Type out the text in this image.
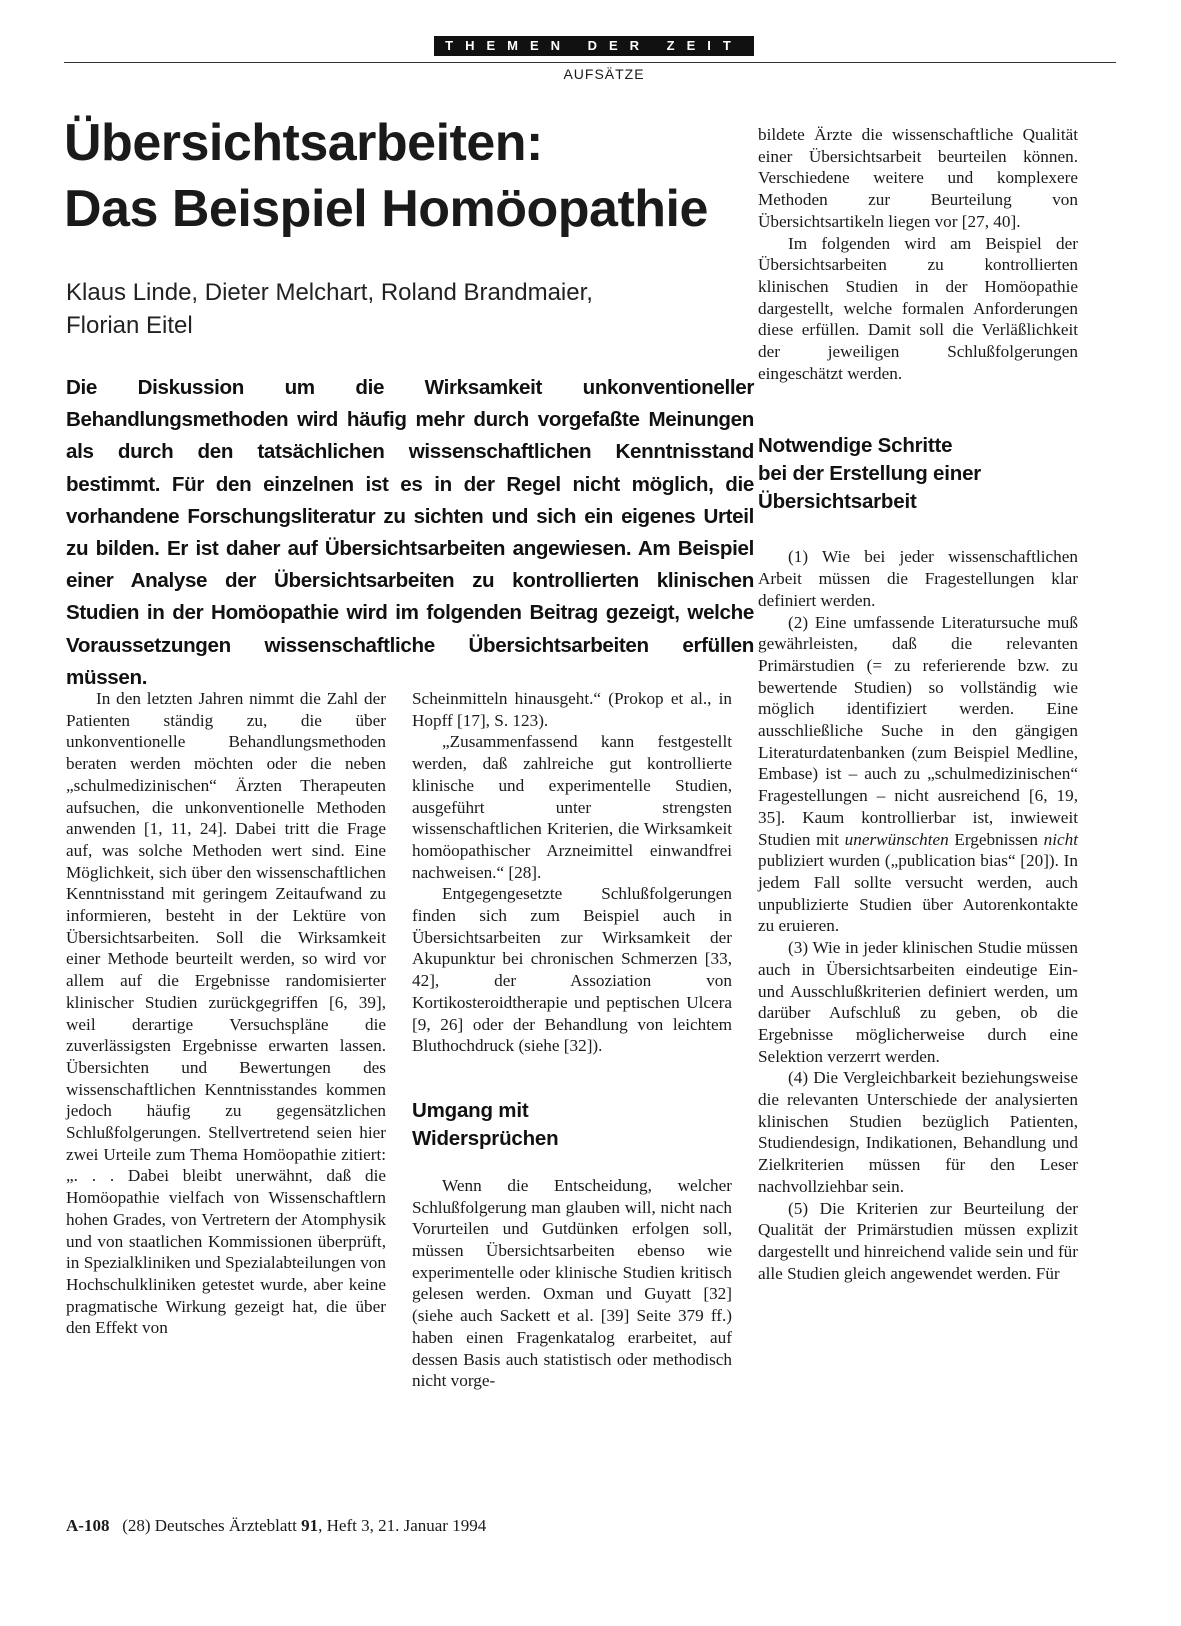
THEMEN DER ZEIT
AUFSÄTZE
Übersichtsarbeiten:
Das Beispiel Homöopathie
Klaus Linde, Dieter Melchart, Roland Brandmaier,
Florian Eitel

Die Diskussion um die Wirksamkeit unkonventioneller Behandlungsmethoden wird häufig mehr durch vorgefaßte Meinungen als durch den tatsächlichen wissenschaftlichen Kenntnisstand bestimmt. Für den einzelnen ist es in der Regel nicht möglich, die vorhandene Forschungsliteratur zu sichten und sich ein eigenes Urteil zu bilden. Er ist daher auf Übersichtsarbeiten angewiesen. Am Beispiel einer Analyse der Übersichtsarbeiten zu kontrollierten klinischen Studien in der Homöopathie wird im folgenden Beitrag gezeigt, welche Voraussetzungen wissenschaftliche Übersichtsarbeiten erfüllen müssen.

In den letzten Jahren nimmt die Zahl der Patienten ständig zu, die über unkonventionelle Behandlungsmethoden beraten werden möchten oder die neben „schulmedizinischen“ Ärzten Therapeuten aufsuchen, die unkonventionelle Methoden anwenden [1, 11, 24]. Dabei tritt die Frage auf, was solche Methoden wert sind. Eine Möglichkeit, sich über den wissenschaftlichen Kenntnisstand mit geringem Zeitaufwand zu informieren, besteht in der Lektüre von Übersichtsarbeiten. Soll die Wirksamkeit einer Methode beurteilt werden, so wird vor allem auf die Ergebnisse randomisierter klinischer Studien zurückgegriffen [6, 39], weil derartige Versuchspläne die zuverlässigsten Ergebnisse erwarten lassen. Übersichten und Bewertungen des wissenschaftlichen Kenntnisstandes kommen jedoch häufig zu gegensätzlichen Schlußfolgerungen. Stellvertretend seien hier zwei Urteile zum Thema Homöopathie zitiert: „. . . Dabei bleibt unerwähnt, daß die Homöopathie vielfach von Wissenschaftlern hohen Grades, von Vertretern der Atomphysik und von staatlichen Kommissionen überprüft, in Spezialkliniken und Spezialabteilungen von Hochschulkliniken getestet wurde, aber keine pragmatische Wirkung gezeigt hat, die über den Effekt von

Scheinmitteln hinausgeht.“ (Prokop et al., in Hopff [17], S. 123).

„Zusammenfassend kann festgestellt werden, daß zahlreiche gut kontrollierte klinische und experimentelle Studien, ausgeführt unter strengsten wissenschaftlichen Kriterien, die Wirksamkeit homöopathischer Arzneimittel einwandfrei nachweisen.“ [28].

Entgegengesetzte Schlußfolgerungen finden sich zum Beispiel auch in Übersichtsarbeiten zur Wirksamkeit der Akupunktur bei chronischen Schmerzen [33, 42], der Assoziation von Kortikosteroidtherapie und peptischen Ulcera [9, 26] oder der Behandlung von leichtem Bluthochdruck (siehe [32]).

Umgang mit
Widersprüchen

Wenn die Entscheidung, welcher Schlußfolgerung man glauben will, nicht nach Vorurteilen und Gutdünken erfolgen soll, müssen Übersichtsarbeiten ebenso wie experimentelle oder klinische Studien kritisch gelesen werden. Oxman und Guyatt [32] (siehe auch Sackett et al. [39] Seite 379 ff.) haben einen Fragenkatalog erarbeitet, auf dessen Basis auch statistisch oder methodisch nicht vorge-

bildete Ärzte die wissenschaftliche Qualität einer Übersichtsarbeit beurteilen können. Verschiedene weitere und komplexere Methoden zur Beurteilung von Übersichtsartikeln liegen vor [27, 40].

Im folgenden wird am Beispiel der Übersichtsarbeiten zu kontrollierten klinischen Studien in der Homöopathie dargestellt, welche formalen Anforderungen diese erfüllen. Damit soll die Verläßlichkeit der jeweiligen Schlußfolgerungen eingeschätzt werden.

Notwendige Schritte
bei der Erstellung einer
Übersichtsarbeit

(1) Wie bei jeder wissenschaftlichen Arbeit müssen die Fragestellungen klar definiert werden.

(2) Eine umfassende Literatursuche muß gewährleisten, daß die relevanten Primärstudien (= zu referierende bzw. zu bewertende Studien) so vollständig wie möglich identifiziert werden. Eine ausschließliche Suche in den gängigen Literaturdatenbanken (zum Beispiel Medline, Embase) ist – auch zu „schulmedizinischen“ Fragestellungen – nicht ausreichend [6, 19, 35]. Kaum kontrollierbar ist, inwieweit Studien mit unerwünschten Ergebnissen nicht publiziert wurden („publication bias“ [20]). In jedem Fall sollte versucht werden, auch unpublizierte Studien über Autorenkontakte zu eruieren.

(3) Wie in jeder klinischen Studie müssen auch in Übersichtsarbeiten eindeutige Ein- und Ausschlußkriterien definiert werden, um darüber Aufschluß zu geben, ob die Ergebnisse möglicherweise durch eine Selektion verzerrt werden.

(4) Die Vergleichbarkeit beziehungsweise die relevanten Unterschiede der analysierten klinischen Studien bezüglich Patienten, Studiendesign, Indikationen, Behandlung und Zielkriterien müssen für den Leser nachvollziehbar sein.

(5) Die Kriterien zur Beurteilung der Qualität der Primärstudien müssen explizit dargestellt und hinreichend valide sein und für alle Studien gleich angewendet werden. Für

A-108 (28) Deutsches Ärzteblatt 91, Heft 3, 21. Januar 1994
